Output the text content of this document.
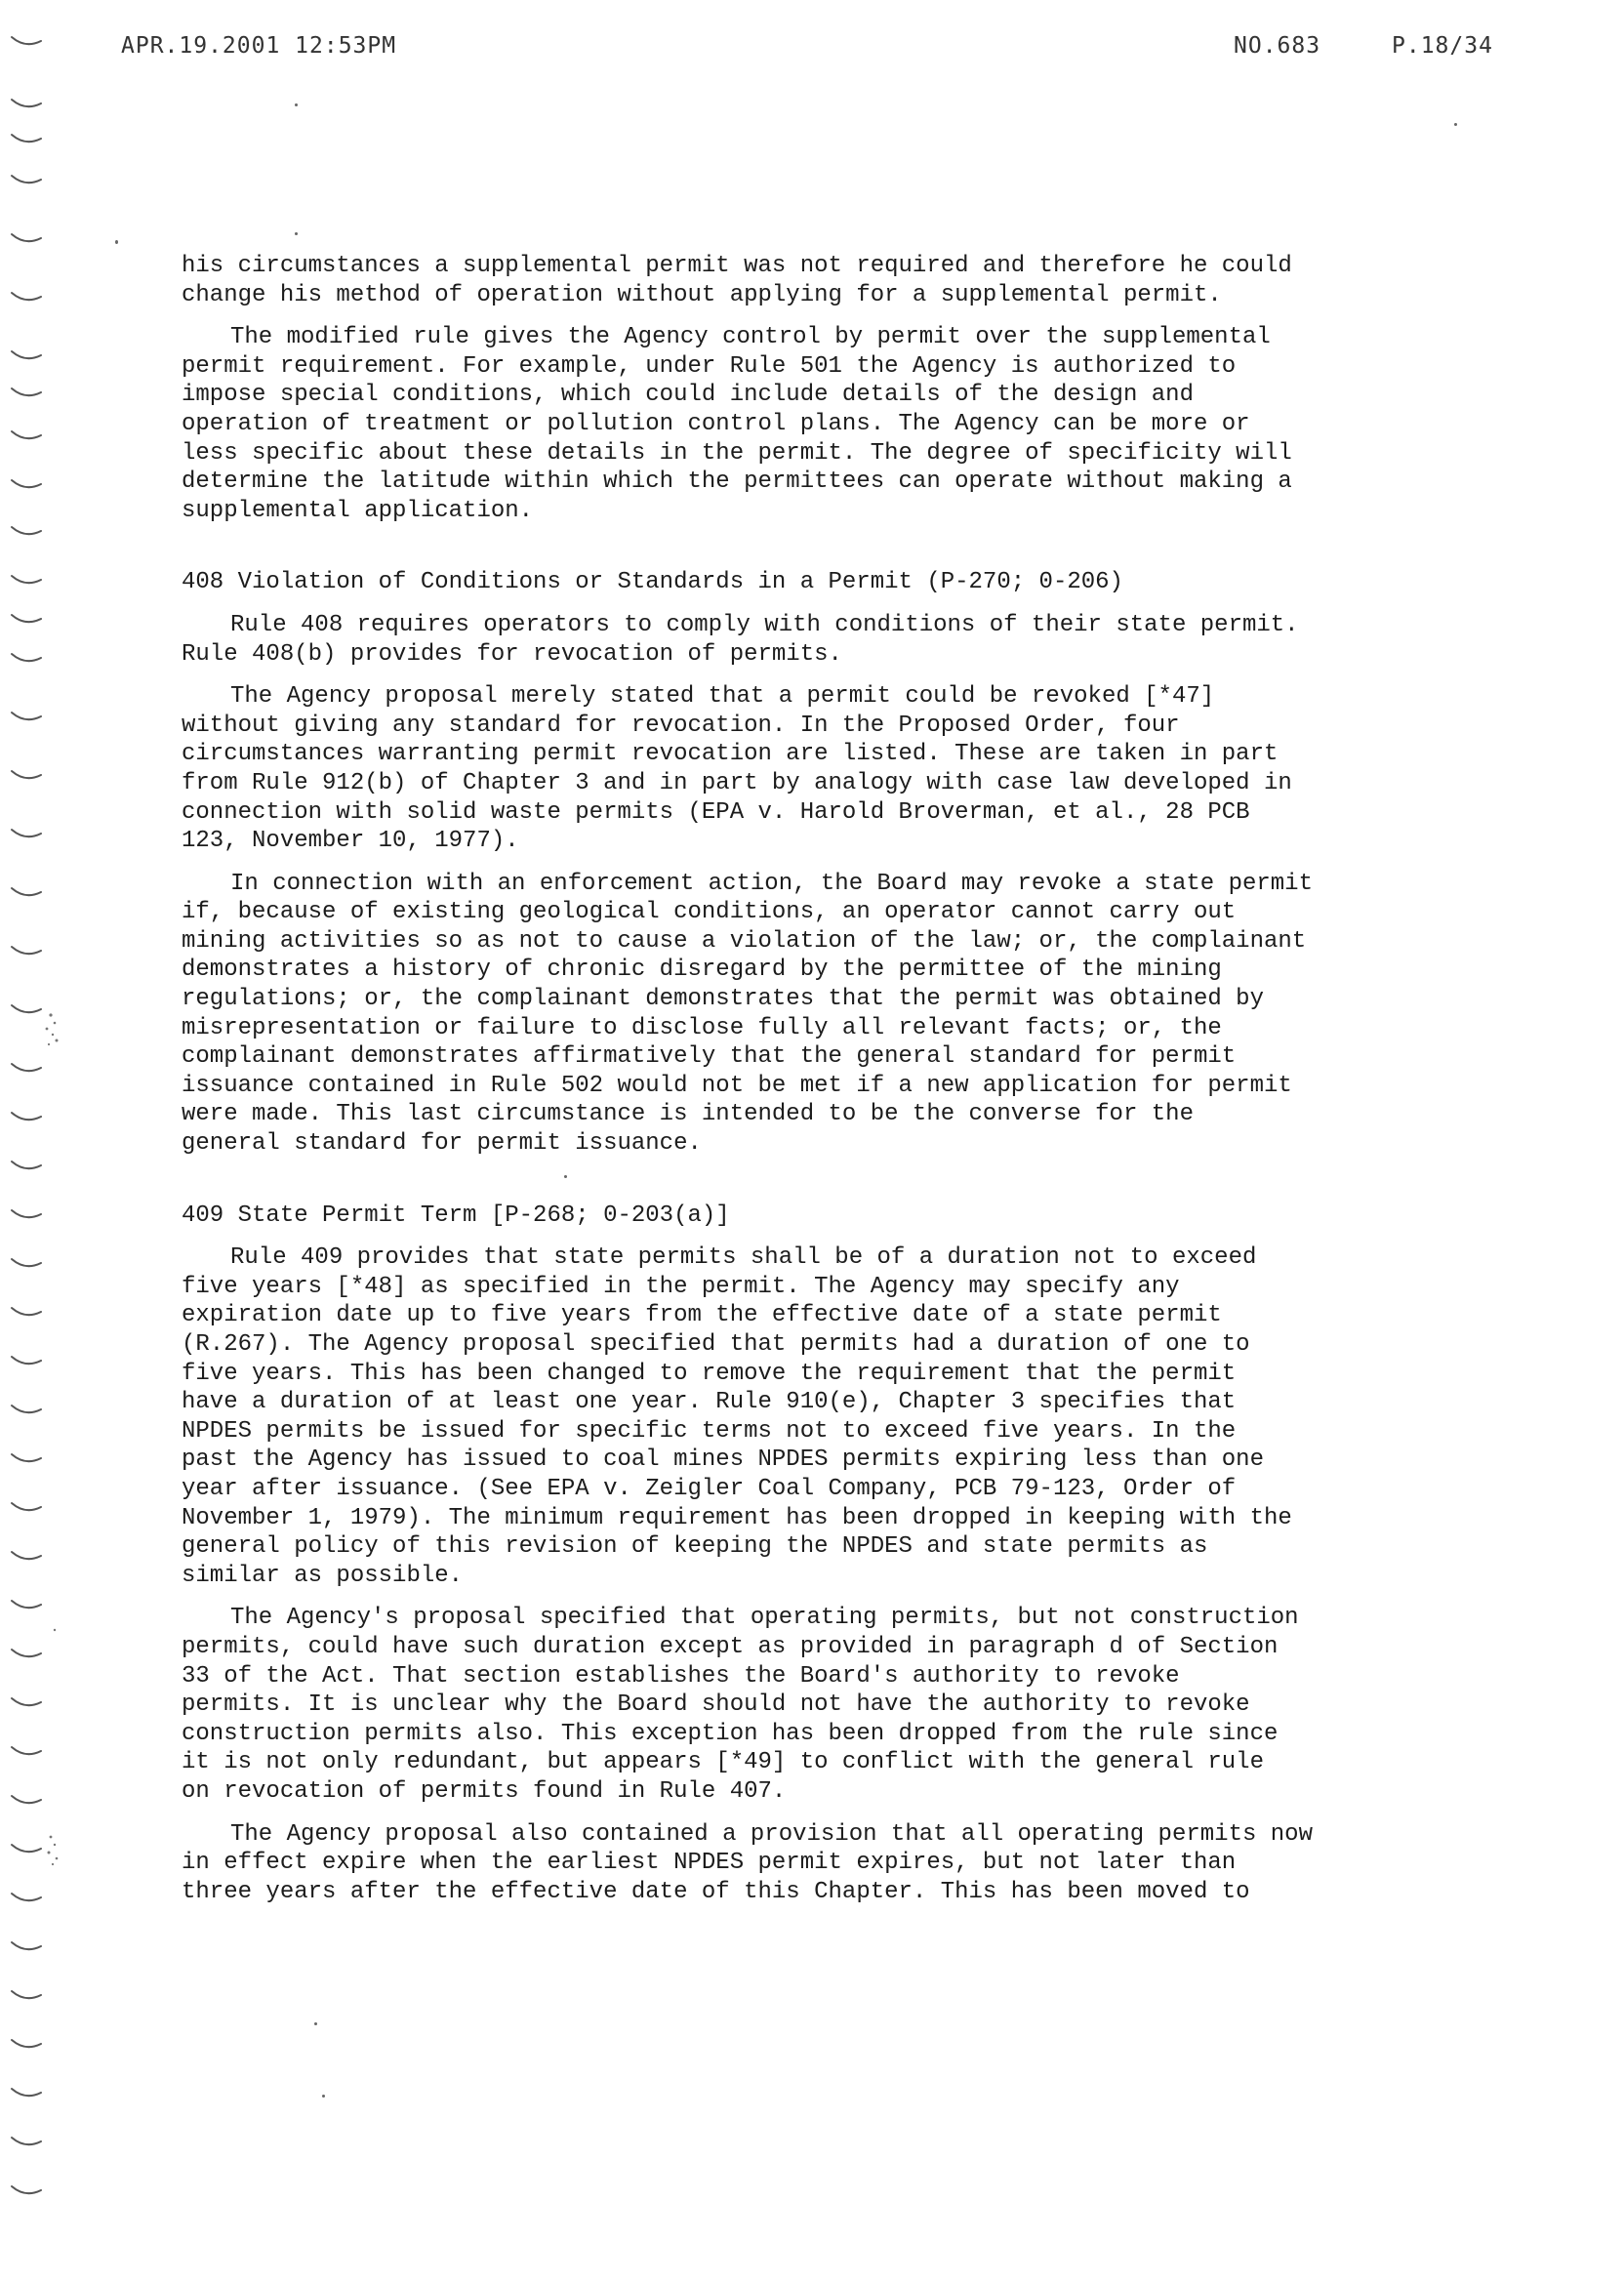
APR.19.2001 12:53PM	NO.683	P.18/34

his circumstances a supplemental permit was not required and therefore he could
change his method of operation without applying for a supplemental permit.

The modified rule gives the Agency control by permit over the supplemental
permit requirement. For example, under Rule 501 the Agency is authorized to
impose special conditions, which could include details of the design and
operation of treatment or pollution control plans. The Agency can be more or
less specific about these details in the permit. The degree of specificity will
determine the latitude within which the permittees can operate without making a
supplemental application.

408 Violation of Conditions or Standards in a Permit (P-270; 0-206)

Rule 408 requires operators to comply with conditions of their state permit.
Rule 408(b) provides for revocation of permits.

The Agency proposal merely stated that a permit could be revoked [*47]
without giving any standard for revocation. In the Proposed Order, four
circumstances warranting permit revocation are listed. These are taken in part
from Rule 912(b) of Chapter 3 and in part by analogy with case law developed in
connection with solid waste permits (EPA v. Harold Broverman, et al., 28 PCB
123, November 10, 1977).

In connection with an enforcement action, the Board may revoke a state permit
if, because of existing geological conditions, an operator cannot carry out
mining activities so as not to cause a violation of the law; or, the complainant
demonstrates a history of chronic disregard by the permittee of the mining
regulations; or, the complainant demonstrates that the permit was obtained by
misrepresentation or failure to disclose fully all relevant facts; or, the
complainant demonstrates affirmatively that the general standard for permit
issuance contained in Rule 502 would not be met if a new application for permit
were made. This last circumstance is intended to be the converse for the
general standard for permit issuance.

409 State Permit Term [P-268; 0-203(a)]

Rule 409 provides that state permits shall be of a duration not to exceed
five years [*48] as specified in the permit. The Agency may specify any
expiration date up to five years from the effective date of a state permit
(R.267). The Agency proposal specified that permits had a duration of one to
five years. This has been changed to remove the requirement that the permit
have a duration of at least one year. Rule 910(e), Chapter 3 specifies that
NPDES permits be issued for specific terms not to exceed five years. In the
past the Agency has issued to coal mines NPDES permits expiring less than one
year after issuance. (See EPA v. Zeigler Coal Company, PCB 79-123, Order of
November 1, 1979). The minimum requirement has been dropped in keeping with the
general policy of this revision of keeping the NPDES and state permits as
similar as possible.

The Agency's proposal specified that operating permits, but not construction
permits, could have such duration except as provided in paragraph d of Section
33 of the Act. That section establishes the Board's authority to revoke
permits. It is unclear why the Board should not have the authority to revoke
construction permits also. This exception has been dropped from the rule since
it is not only redundant, but appears [*49] to conflict with the general rule
on revocation of permits found in Rule 407.

The Agency proposal also contained a provision that all operating permits now
in effect expire when the earliest NPDES permit expires, but not later than
three years after the effective date of this Chapter. This has been moved to
